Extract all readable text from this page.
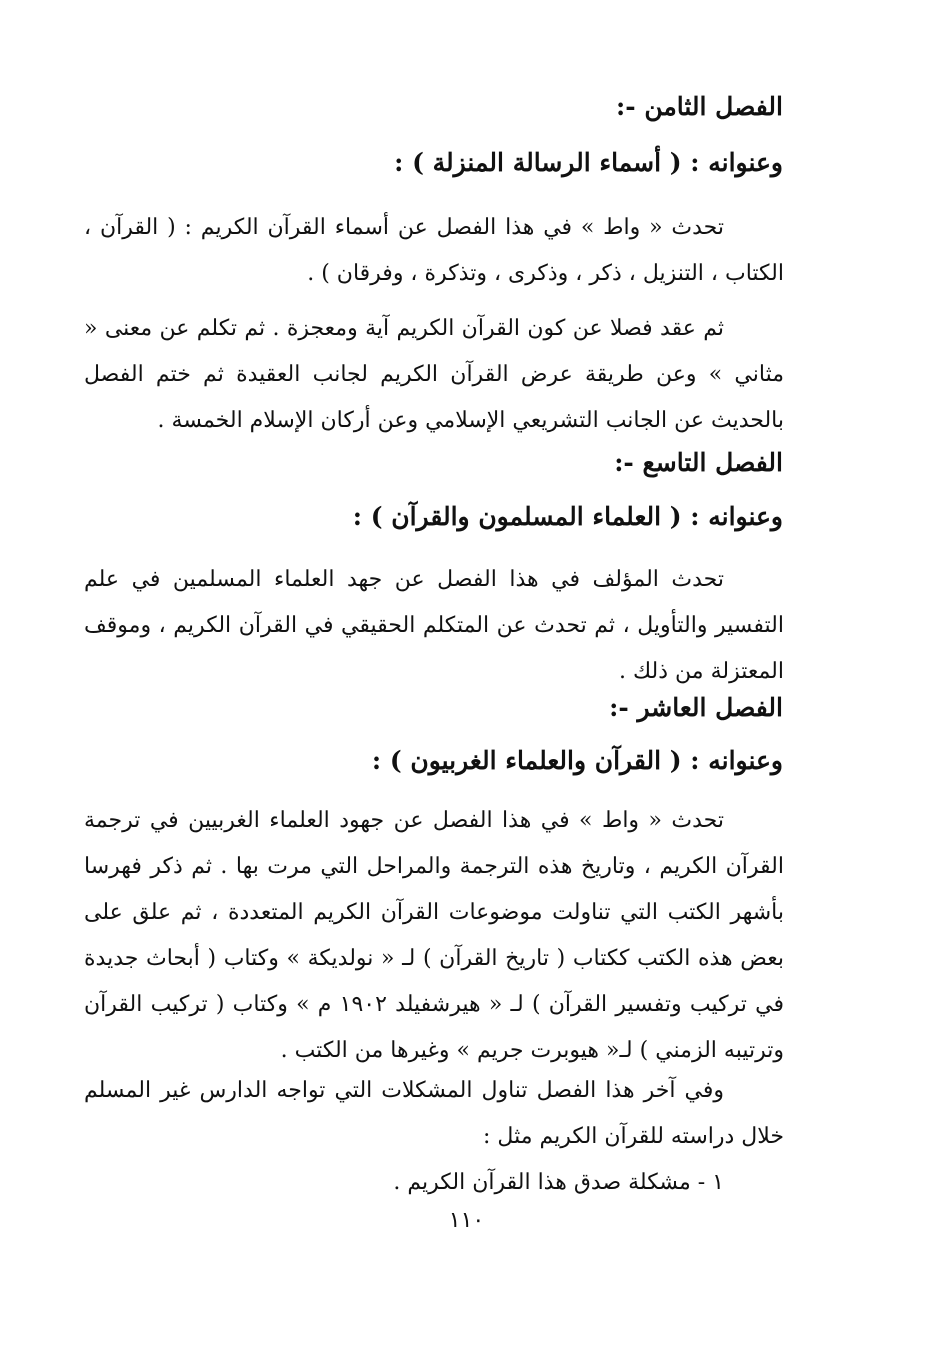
الفصل الثامن -:
وعنوانه : ( أسماء الرسالة المنزلة ) :
تحدث « واط » في هذا الفصل عن أسماء القرآن الكريم : ( القرآن ، الكتاب ، التنزيل ، ذكر ، وذكرى ، وتذكرة ، وفرقان ) .
ثم عقد فصلا عن كون القرآن الكريم آية ومعجزة . ثم تكلم عن معنى « مثاني » وعن طريقة عرض القرآن الكريم لجانب العقيدة ثم ختم الفصل بالحديث عن الجانب التشريعي الإسلامي وعن أركان الإسلام الخمسة .
الفصل التاسع -:
وعنوانه : ( العلماء المسلمون والقرآن ) :
تحدث المؤلف في هذا الفصل عن جهد العلماء المسلمين في علم التفسير والتأويل ، ثم تحدث عن المتكلم الحقيقي في القرآن الكريم ، وموقف المعتزلة من ذلك .
الفصل العاشر -:
وعنوانه : ( القرآن والعلماء الغربيون ) :
تحدث « واط » في هذا الفصل عن جهود العلماء الغربيين في ترجمة القرآن الكريم ، وتاريخ هذه الترجمة والمراحل التي مرت بها . ثم ذكر فهرسا بأشهر الكتب التي تناولت موضوعات القرآن الكريم المتعددة ، ثم علق على بعض هذه الكتب ككتاب ( تاريخ القرآن ) لـ « نولديكة » وكتاب ( أبحاث جديدة في تركيب وتفسير القرآن ) لـ « هيرشفيلد ١٩٠٢ م » وكتاب ( تركيب القرآن وترتيبه الزمني ) لـ« هيوبرت جريم » وغيرها من الكتب .
وفي آخر هذا الفصل تناول المشكلات التي تواجه الدارس غير المسلم خلال دراسته للقرآن الكريم مثل :
١ - مشكلة صدق هذا القرآن الكريم .
١١٠
